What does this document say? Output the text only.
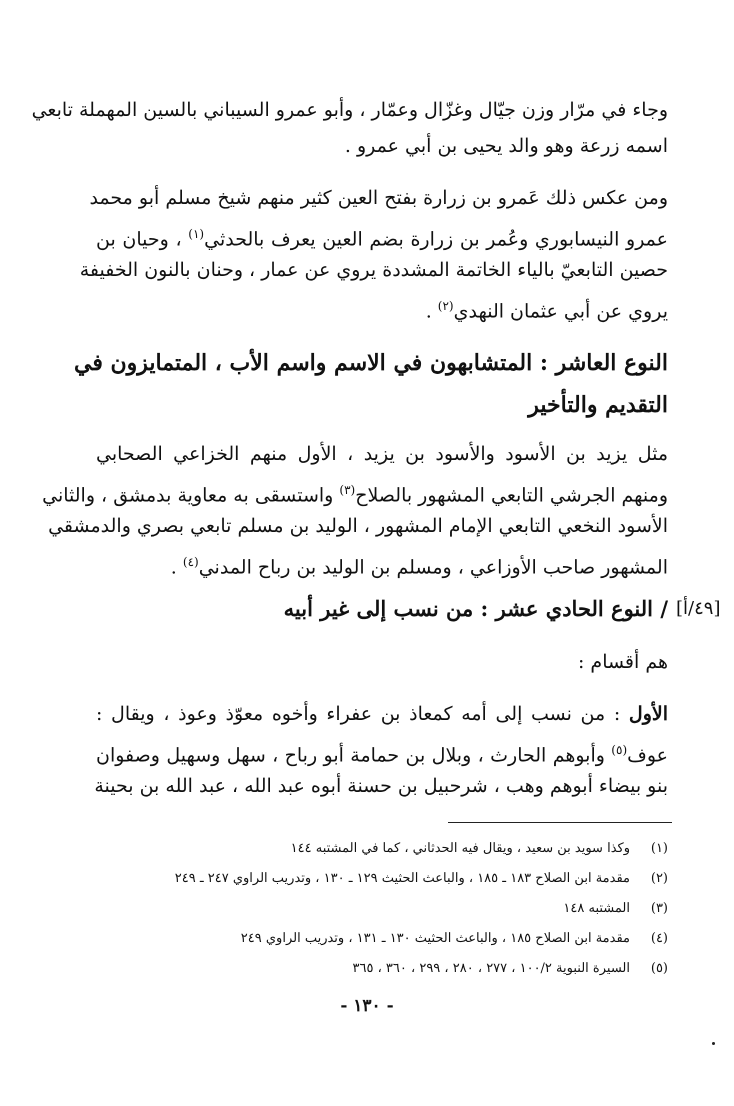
وجاء في مرّار وزن جيّال وغزّال وعمّار ، وأبو عمرو السيباني بالسين المهملة تابعي
اسمه زرعة وهو والد يحيى بن أبي عمرو .
ومن عكس ذلك عَمرو بن زرارة بفتح العين كثير منهم شيخ مسلم أبو محمد
عمرو النيسابوري وعُمر بن زرارة بضم العين يعرف بالحدثي$^{(١)}$ ، وحيان بن
حصين التابعيّ بالياء الخاتمة المشددة يروي عن عمار ، وحنان بالنون الخفيفة
يروي عن أبي عثمان النهدي$^{(٢)}$ .
النوع العاشر : المتشابهون في الاسم واسم الأب ، المتمايزون في
التقديم والتأخير
مثل يزيد بن الأسود والأسود بن يزيد ، الأول منهم الخزاعي الصحابي
ومنهم الجرشي التابعي المشهور بالصلاح$^{(٣)}$ واستسقى به معاوية بدمشق ، والثاني
الأسود النخعي التابعي الإمام المشهور ، الوليد بن مسلم تابعي بصري والدمشقي
المشهور صاحب الأوزاعي ، ومسلم بن الوليد بن رباح المدني$^{(٤)}$ .
[٤٩/أ]
/ النوع الحادي عشر : من نسب إلى غير أبيه
هم أقسام :
الأول : من نسب إلى أمه كمعاذ بن عفراء وأخوه معوّذ وعوذ ، ويقال :
عوف$^{(٥)}$ وأبوهم الحارث ، وبلال بن حمامة أبو رباح ، سهل وسهيل وصفوان
بنو بيضاء أبوهم وهب ، شرحبيل بن حسنة أبوه عبد الله ، عبد الله بن بحينة
(١)وكذا سويد بن سعيد ، ويقال فيه الحدثاني ، كما في المشتبه ١٤٤
(٢)مقدمة ابن الصلاح ١٨٣ ـ ١٨٥ ، والباعث الحثيث ١٢٩ ـ ١٣٠ ، وتدريب الراوي ٢٤٧ ـ ٢٤٩
(٣)المشتبه ١٤٨
(٤)مقدمة ابن الصلاح ١٨٥ ، والباعث الحثيث ١٣٠ ـ ١٣١ ، وتدريب الراوي ٢٤٩
(٥)السيرة النبوية ١٠٠/٢ ، ٢٧٧ ، ٢٨٠ ، ٢٩٩ ، ٣٦٠ ، ٣٦٥
- ١٣٠ -
